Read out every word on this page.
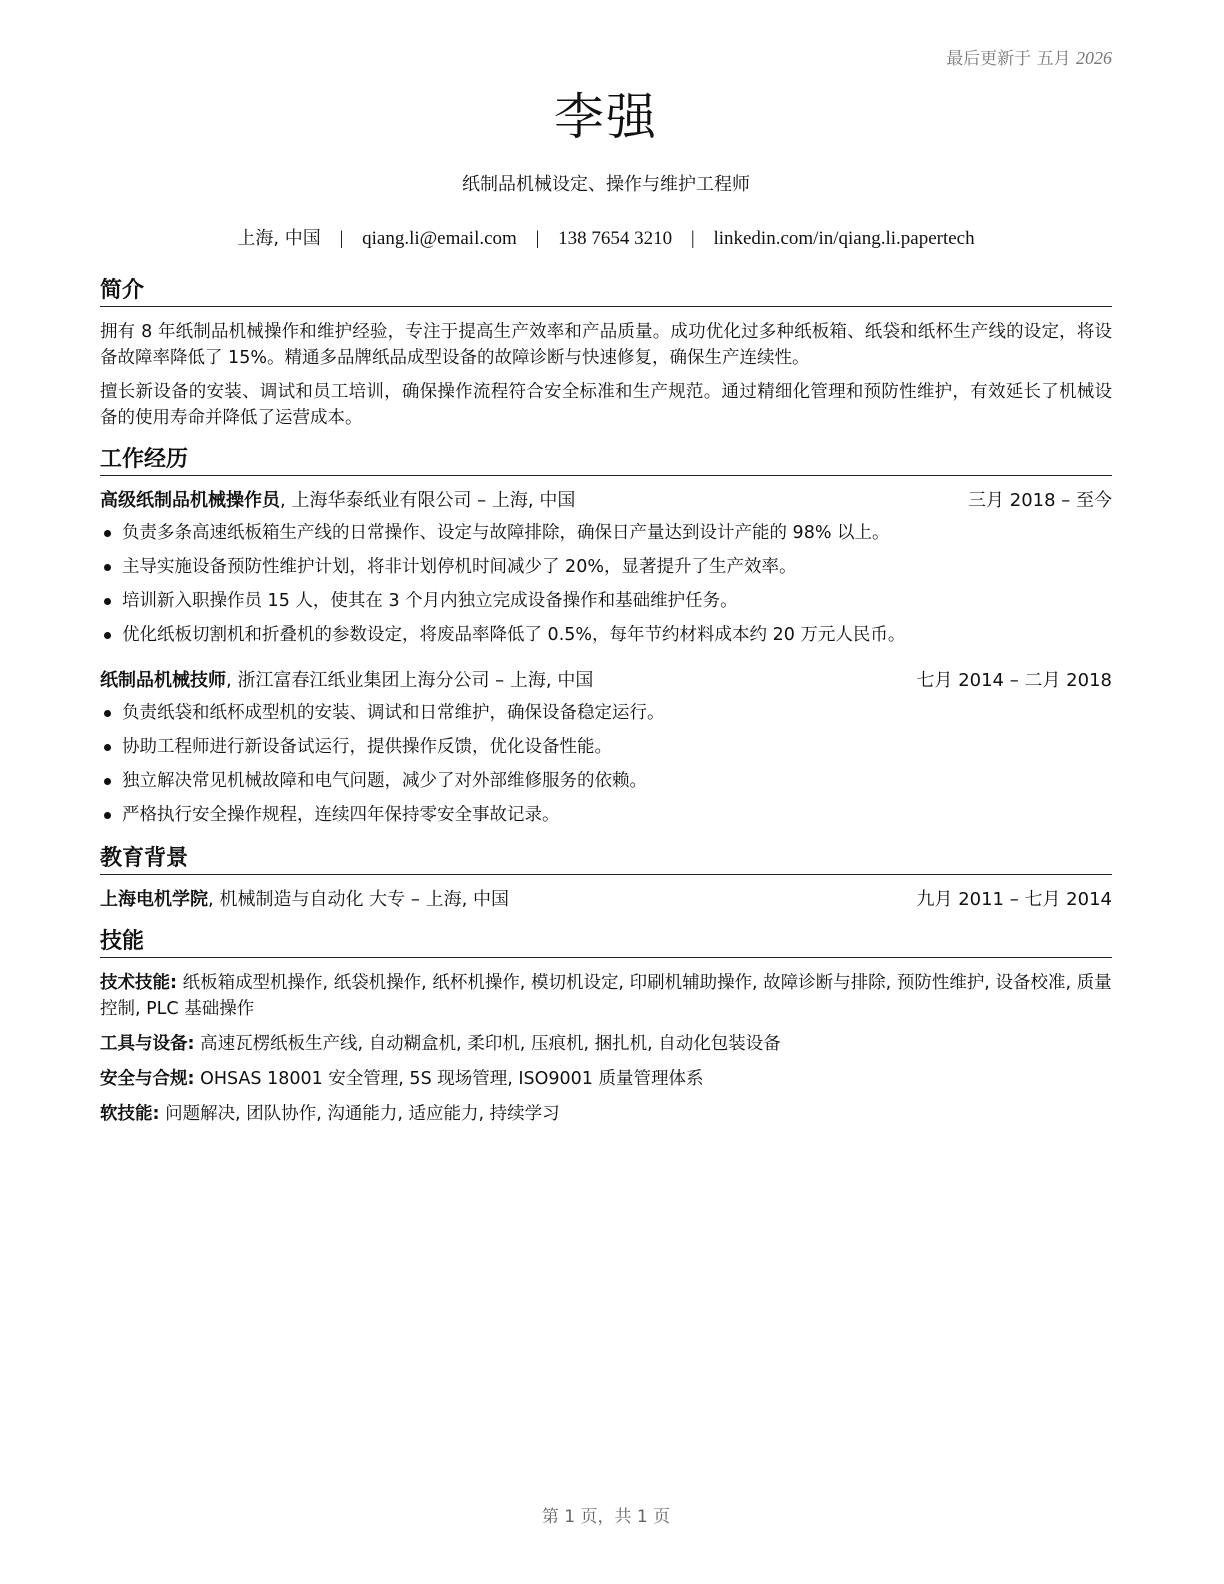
最后更新于 五月 2026
李强
纸制品机械设定、操作与维护工程师
上海, 中国 | qiang.li@email.com | 138 7654 3210 | linkedin.com/in/qiang.li.papertech
简介

拥有 8 年纸制品机械操作和维护经验，专注于提高生产效率和产品质量。成功优化过多种纸板箱、纸袋和纸杯生产线的设定，将设备故障率降低了 15%。精通多品牌纸品成型设备的故障诊断与快速修复，确保生产连续性。

擅长新设备的安装、调试和员工培训，确保操作流程符合安全标准和生产规范。通过精细化管理和预防性维护，有效延长了机械设备的使用寿命并降低了运营成本。

工作经历
高级纸制品机械操作员, 上海华泰纸业有限公司 – 上海, 中国	三月 2018 – 至今
负责多条高速纸板箱生产线的日常操作、设定与故障排除，确保日产量达到设计产能的 98% 以上。
主导实施设备预防性维护计划，将非计划停机时间减少了 20%，显著提升了生产效率。
培训新入职操作员 15 人，使其在 3 个月内独立完成设备操作和基础维护任务。
优化纸板切割机和折叠机的参数设定，将废品率降低了 0.5%，每年节约材料成本约 20 万元人民币。
纸制品机械技师, 浙江富春江纸业集团上海分公司 – 上海, 中国	七月 2014 – 二月 2018
负责纸袋和纸杯成型机的安装、调试和日常维护，确保设备稳定运行。
协助工程师进行新设备试运行，提供操作反馈，优化设备性能。
独立解决常见机械故障和电气问题，减少了对外部维修服务的依赖。
严格执行安全操作规程，连续四年保持零安全事故记录。
教育背景
上海电机学院, 机械制造与自动化 大专 – 上海, 中国	九月 2011 – 七月 2014
技能

技术技能: 纸板箱成型机操作, 纸袋机操作, 纸杯机操作, 模切机设定, 印刷机辅助操作, 故障诊断与排除, 预防性维护, 设备校准, 质量控制, PLC 基础操作

工具与设备: 高速瓦楞纸板生产线, 自动糊盒机, 柔印机, 压痕机, 捆扎机, 自动化包装设备

安全与合规: OHSAS 18001 安全管理, 5S 现场管理, ISO9001 质量管理体系

软技能: 问题解决, 团队协作, 沟通能力, 适应能力, 持续学习

第 1 页，共 1 页
